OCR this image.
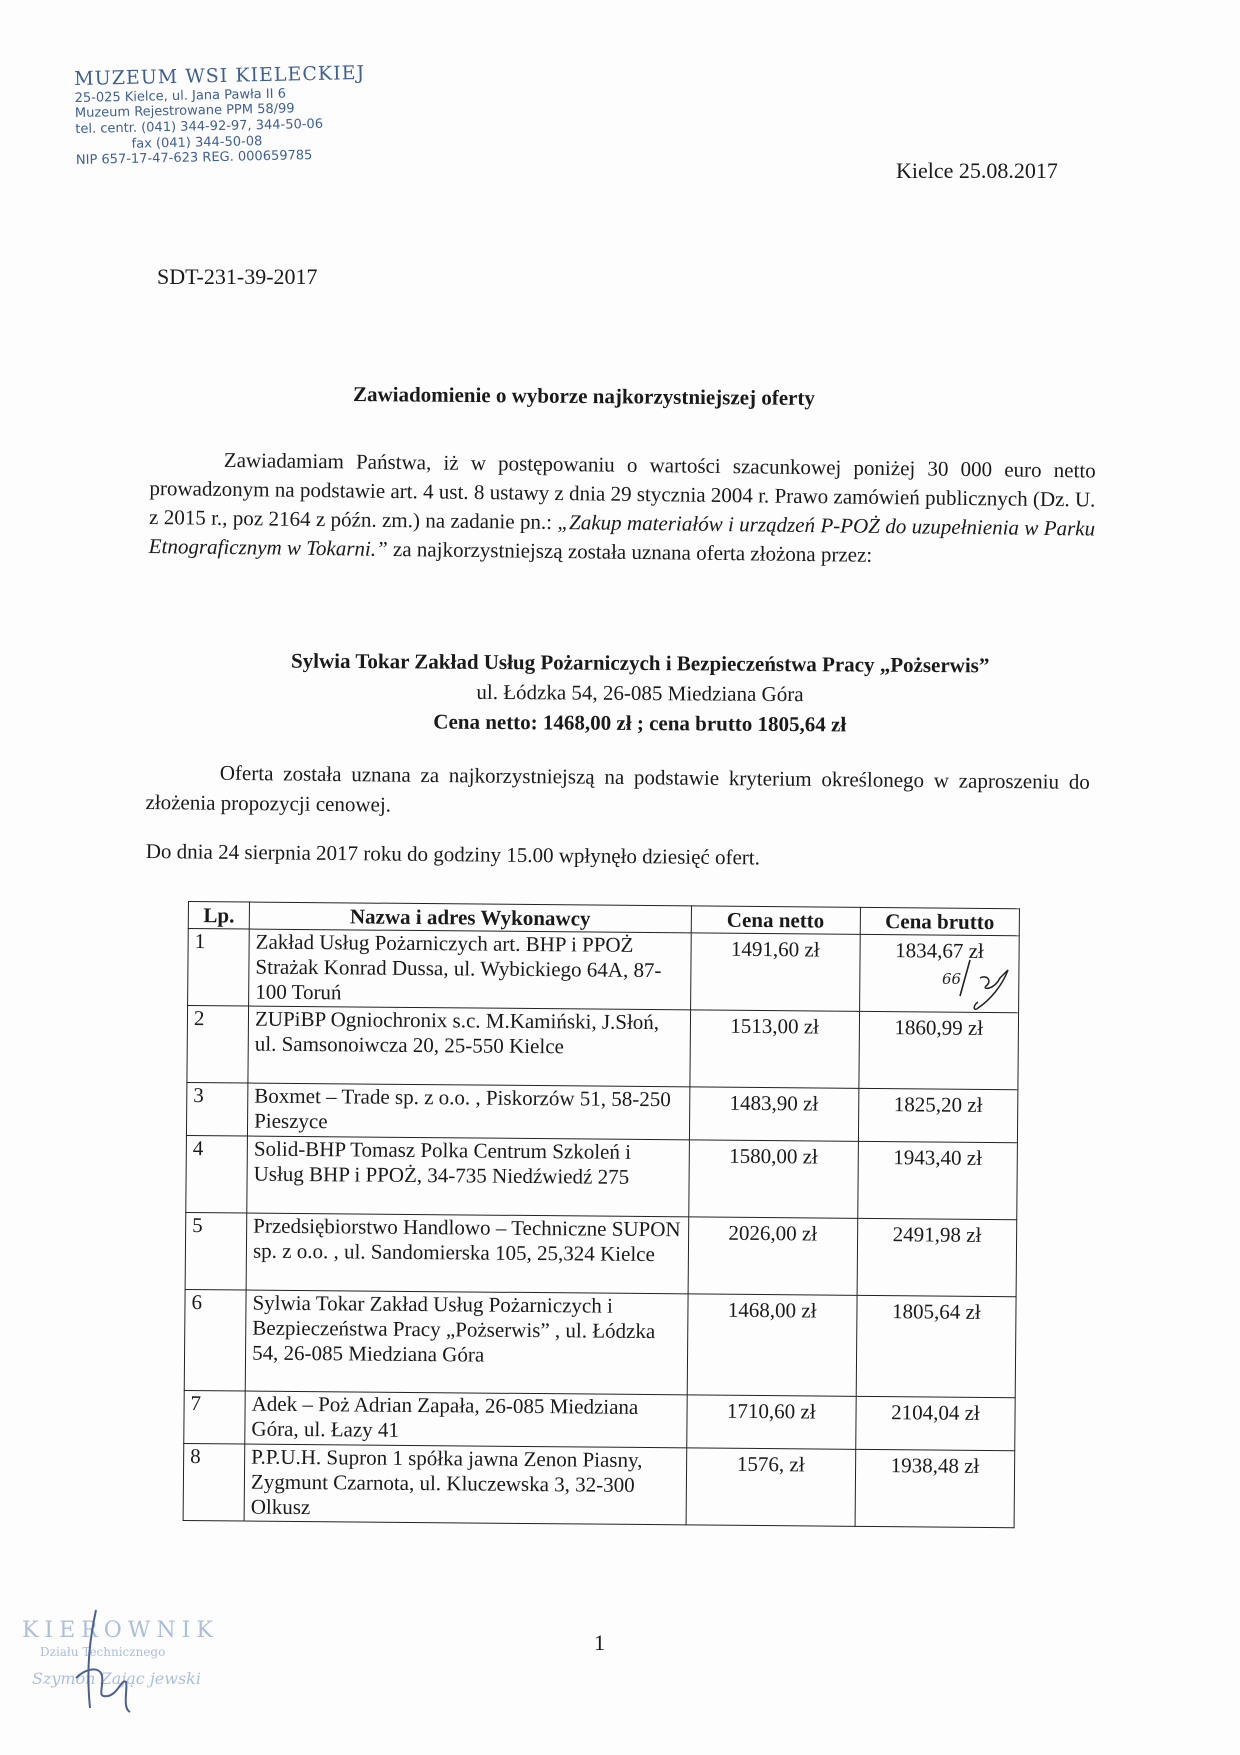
MUZEUM WSI KIELECKIEJ
25-025 Kielce, ul. Jana Pawła II 6
Muzeum Rejestrowane PPM 58/99
tel. centr. (041) 344-92-97, 344-50-06
fax (041) 344-50-08
NIP 657-17-47-623 REG. 000659785	Kielce 25.08.2017
SDT-231-39-2017
Zawiadomienie o wyborze najkorzystniejszej oferty
Zawiadamiam Państwa, iż w postępowaniu o wartości szacunkowej poniżej 30 000 euro netto prowadzonym na podstawie art. 4 ust. 8 ustawy z dnia 29 stycznia 2004 r. Prawo zamówień publicznych (Dz. U. z 2015 r., poz 2164 z późn. zm.) na zadanie pn.: „Zakup materiałów i urządzeń P-POŻ do uzupełnienia w Parku Etnograficznym w Tokarni.” za najkorzystniejszą została uznana oferta złożona przez:
Sylwia Tokar Zakład Usług Pożarniczych i Bezpieczeństwa Pracy „Pożserwis”
ul. Łódzka 54, 26-085 Miedziana Góra
Cena netto: 1468,00 zł ; cena brutto 1805,64 zł
Oferta została uznana za najkorzystniejszą na podstawie kryterium określonego w zaproszeniu do złożenia propozycji cenowej.
Do dnia 24 sierpnia 2017 roku do godziny 15.00 wpłynęło dziesięć ofert.
Lp.	Nazwa i adres Wykonawcy	Cena netto	Cena brutto
1	Zakład Usług Pożarniczych art. BHP i PPOŻ Strażak Konrad Dussa, ul. Wybickiego 64A, 87-100 Toruń	1491,60 zł	1834,67 zł
2	ZUPiBP Ogniochronix s.c. M.Kamiński, J.Słoń, ul. Samsonoiwcza 20, 25-550 Kielce	1513,00 zł	1860,99 zł
3	Boxmet – Trade sp. z o.o. , Piskorzów 51, 58-250 Pieszyce	1483,90 zł	1825,20 zł
4	Solid-BHP Tomasz Polka Centrum Szkoleń i Usług BHP i PPOŻ, 34-735 Niedźwiedź 275	1580,00 zł	1943,40 zł
5	Przedsiębiorstwo Handlowo – Techniczne SUPON sp. z o.o. , ul. Sandomierska 105, 25,324 Kielce	2026,00 zł	2491,98 zł
6	Sylwia Tokar Zakład Usług Pożarniczych i Bezpieczeństwa Pracy „Pożserwis” , ul. Łódzka 54, 26-085 Miedziana Góra	1468,00 zł	1805,64 zł
7	Adek – Poż Adrian Zapała, 26-085 Miedziana Góra, ul. Łazy 41	1710,60 zł	2104,04 zł
8	P.P.U.H. Supron 1 spółka jawna Zenon Piasny, Zygmunt Czarnota, ul. Kluczewska 3, 32-300 Olkusz	1576, zł	1938,48 zł
66
1
KIEROWNIK
Działu Technicznego
Szymon Zając jewski
